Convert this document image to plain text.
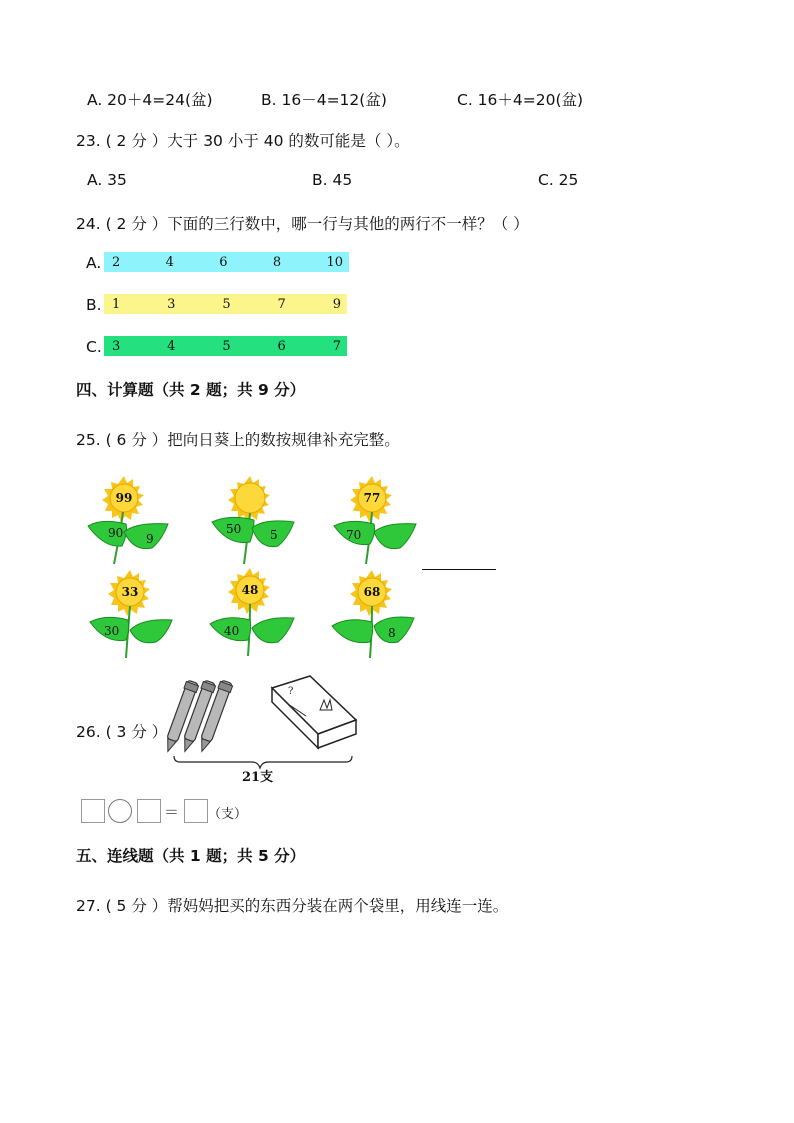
A. 20＋4=24(盆)	B. 16－4=12(盆)	C. 16＋4=20(盆)
23. ( 2 分 ）大于 30 小于 40 的数可能是（ ）。
A. 35	B. 45	C. 25
24. ( 2 分 ）下面的三行数中，哪一行与其他的两行不一样？（ ）
A. 2	4	6	8	10
B. 1	3	5	7	9
C. 3	4	5	6	7
四、计算题（共 2 题；共 9 分）
25. ( 6 分 ）把向日葵上的数按规律补充完整。
99
90 9
50 5
77
70
33
30
48
40
68
8
26. ( 3 分 ）
?
21支
＝ （支）
五、连线题（共 1 题；共 5 分）
27. ( 5 分 ）帮妈妈把买的东西分装在两个袋里，用线连一连。
